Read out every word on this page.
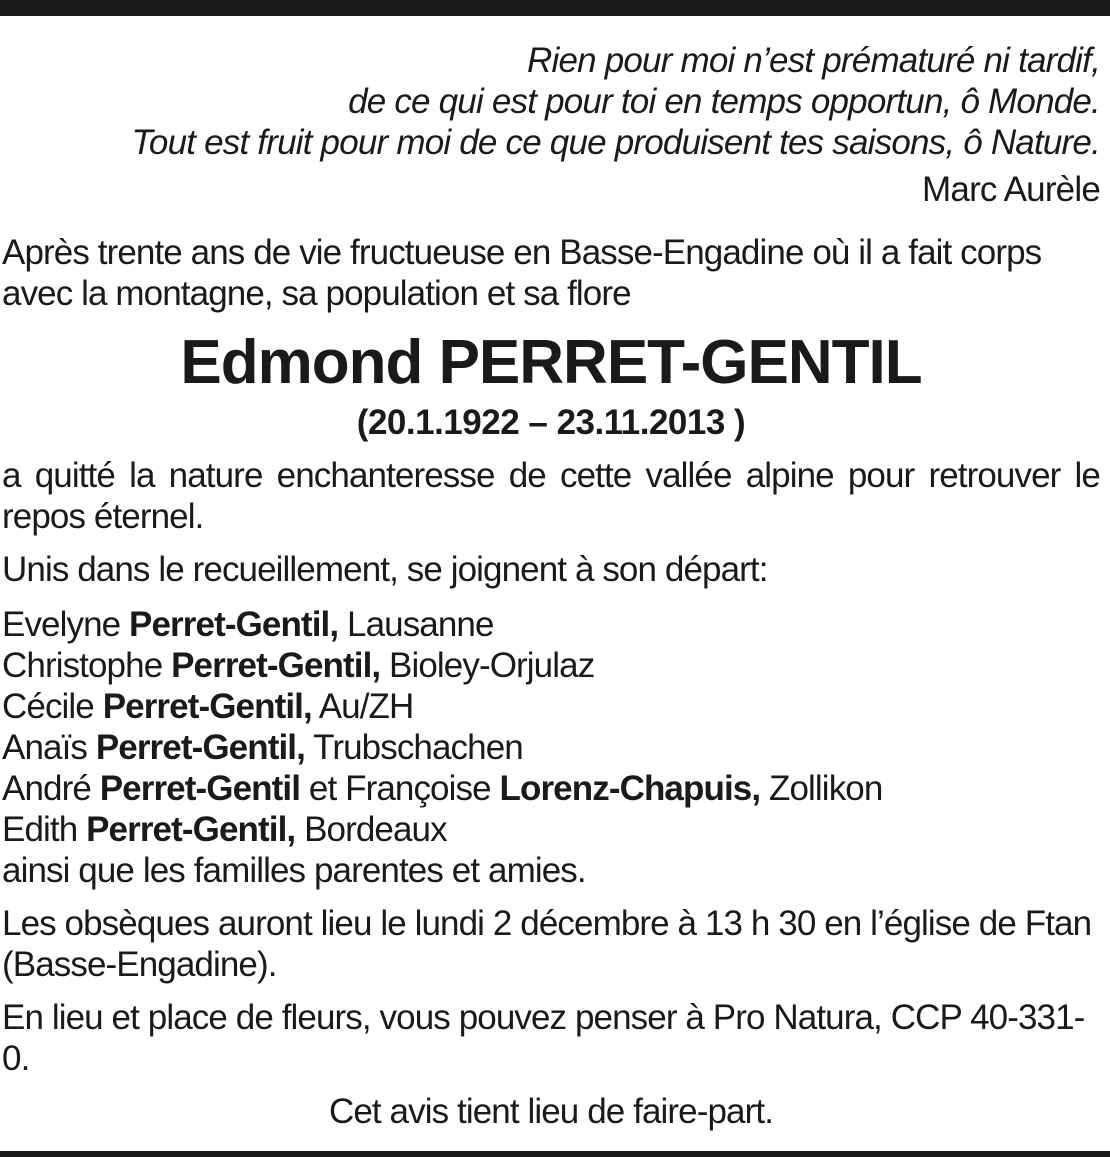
Rien pour moi n’est prématuré ni tardif,
de ce qui est pour toi en temps opportun, ô Monde.
Tout est fruit pour moi de ce que produisent tes saisons, ô Nature.
Marc Aurèle
Après trente ans de vie fructueuse en Basse-Engadine où il a fait corps avec la montagne, sa population et sa flore
Edmond PERRET-GENTIL
(20.1.1922 – 23.11.2013 )
a quitté la nature enchanteresse de cette vallée alpine pour retrouver le repos éternel.
Unis dans le recueillement, se joignent à son départ:
Evelyne Perret-Gentil, Lausanne
Christophe Perret-Gentil, Bioley-Orjulaz
Cécile Perret-Gentil, Au/ZH
Anaïs Perret-Gentil, Trubschachen
André Perret-Gentil et Françoise Lorenz-Chapuis, Zollikon
Edith Perret-Gentil, Bordeaux
ainsi que les familles parentes et amies.
Les obsèques auront lieu le lundi 2 décembre à 13 h 30 en l’église de Ftan (Basse-Engadine).
En lieu et place de fleurs, vous pouvez penser à Pro Natura, CCP 40-331-0.
Cet avis tient lieu de faire-part.
